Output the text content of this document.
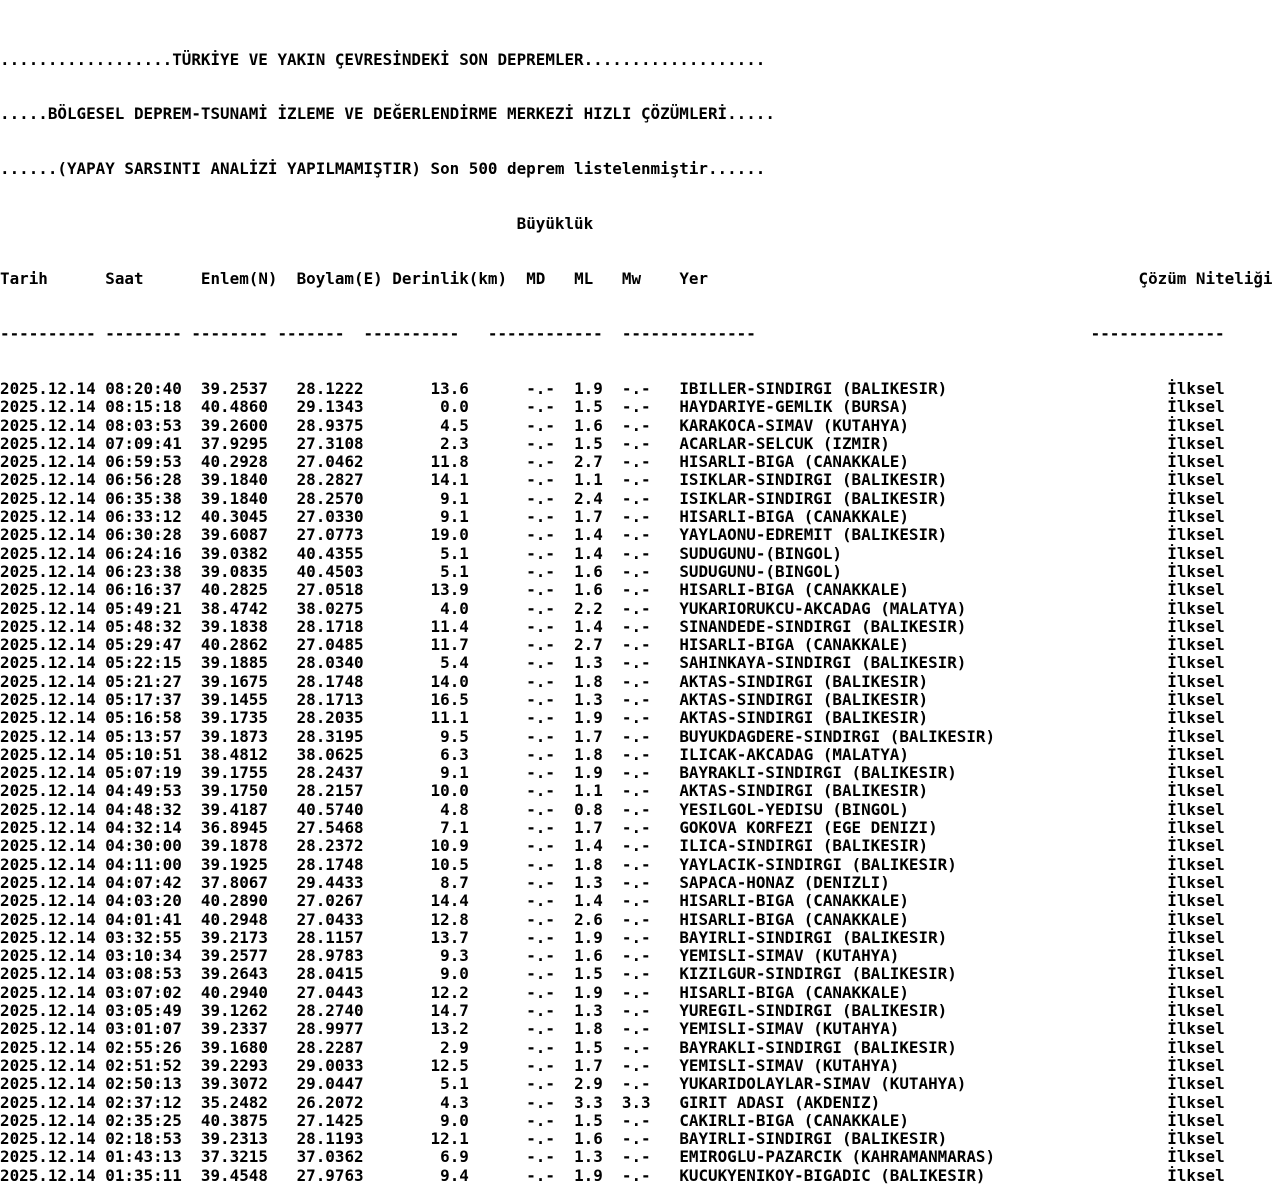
..................TÜRKİYE VE YAKIN ÇEVRESİNDEKİ SON DEPREMLER...................

.....BÖLGESEL DEPREM-TSUNAMİ İZLEME VE DEĞERLENDİRME MERKEZİ HIZLI ÇÖZÜMLERİ.....

......(YAPAY SARSINTI ANALİZİ YAPILMAMIŞTIR) Son 500 deprem listelenmiştir......

Büyüklük

Tarih      Saat      Enlem(N)  Boylam(E) Derinlik(km)  MD   ML   Mw    Yer                                             Çözüm Niteliği

---------- -------- -------- -------  ----------   ------------  --------------                                   --------------

2025.12.14 08:20:40  39.2537   28.1222       13.6      -.-  1.9  -.-   IBILLER-SINDIRGI (BALIKESIR)                       İlksel
2025.12.14 08:15:18  40.4860   29.1343        0.0      -.-  1.5  -.-   HAYDARIYE-GEMLIK (BURSA)                           İlksel
2025.12.14 08:03:53  39.2600   28.9375        4.5      -.-  1.6  -.-   KARAKOCA-SIMAV (KUTAHYA)                           İlksel
2025.12.14 07:09:41  37.9295   27.3108        2.3      -.-  1.5  -.-   ACARLAR-SELCUK (IZMIR)                             İlksel
2025.12.14 06:59:53  40.2928   27.0462       11.8      -.-  2.7  -.-   HISARLI-BIGA (CANAKKALE)                           İlksel
2025.12.14 06:56:28  39.1840   28.2827       14.1      -.-  1.1  -.-   ISIKLAR-SINDIRGI (BALIKESIR)                       İlksel
2025.12.14 06:35:38  39.1840   28.2570        9.1      -.-  2.4  -.-   ISIKLAR-SINDIRGI (BALIKESIR)                       İlksel
2025.12.14 06:33:12  40.3045   27.0330        9.1      -.-  1.7  -.-   HISARLI-BIGA (CANAKKALE)                           İlksel
2025.12.14 06:30:28  39.6087   27.0773       19.0      -.-  1.4  -.-   YAYLAONU-EDREMIT (BALIKESIR)                       İlksel
2025.12.14 06:24:16  39.0382   40.4355        5.1      -.-  1.4  -.-   SUDUGUNU-(BINGOL)                                  İlksel
2025.12.14 06:23:38  39.0835   40.4503        5.1      -.-  1.6  -.-   SUDUGUNU-(BINGOL)                                  İlksel
2025.12.14 06:16:37  40.2825   27.0518       13.9      -.-  1.6  -.-   HISARLI-BIGA (CANAKKALE)                           İlksel
2025.12.14 05:49:21  38.4742   38.0275        4.0      -.-  2.2  -.-   YUKARIORUKCU-AKCADAG (MALATYA)                     İlksel
2025.12.14 05:48:32  39.1838   28.1718       11.4      -.-  1.4  -.-   SINANDEDE-SINDIRGI (BALIKESIR)                     İlksel
2025.12.14 05:29:47  40.2862   27.0485       11.7      -.-  2.7  -.-   HISARLI-BIGA (CANAKKALE)                           İlksel
2025.12.14 05:22:15  39.1885   28.0340        5.4      -.-  1.3  -.-   SAHINKAYA-SINDIRGI (BALIKESIR)                     İlksel
2025.12.14 05:21:27  39.1675   28.1748       14.0      -.-  1.8  -.-   AKTAS-SINDIRGI (BALIKESIR)                         İlksel
2025.12.14 05:17:37  39.1455   28.1713       16.5      -.-  1.3  -.-   AKTAS-SINDIRGI (BALIKESIR)                         İlksel
2025.12.14 05:16:58  39.1735   28.2035       11.1      -.-  1.9  -.-   AKTAS-SINDIRGI (BALIKESIR)                         İlksel
2025.12.14 05:13:57  39.1873   28.3195        9.5      -.-  1.7  -.-   BUYUKDAGDERE-SINDIRGI (BALIKESIR)                  İlksel
2025.12.14 05:10:51  38.4812   38.0625        6.3      -.-  1.8  -.-   ILICAK-AKCADAG (MALATYA)                           İlksel
2025.12.14 05:07:19  39.1755   28.2437        9.1      -.-  1.9  -.-   BAYRAKLI-SINDIRGI (BALIKESIR)                      İlksel
2025.12.14 04:49:53  39.1750   28.2157       10.0      -.-  1.1  -.-   AKTAS-SINDIRGI (BALIKESIR)                         İlksel
2025.12.14 04:48:32  39.4187   40.5740        4.8      -.-  0.8  -.-   YESILGOL-YEDISU (BINGOL)                           İlksel
2025.12.14 04:32:14  36.8945   27.5468        7.1      -.-  1.7  -.-   GOKOVA KORFEZI (EGE DENIZI)                        İlksel
2025.12.14 04:30:00  39.1878   28.2372       10.9      -.-  1.4  -.-   ILICA-SINDIRGI (BALIKESIR)                         İlksel
2025.12.14 04:11:00  39.1925   28.1748       10.5      -.-  1.8  -.-   YAYLACIK-SINDIRGI (BALIKESIR)                      İlksel
2025.12.14 04:07:42  37.8067   29.4433        8.7      -.-  1.3  -.-   SAPACA-HONAZ (DENIZLI)                             İlksel
2025.12.14 04:03:20  40.2890   27.0267       14.4      -.-  1.4  -.-   HISARLI-BIGA (CANAKKALE)                           İlksel
2025.12.14 04:01:41  40.2948   27.0433       12.8      -.-  2.6  -.-   HISARLI-BIGA (CANAKKALE)                           İlksel
2025.12.14 03:32:55  39.2173   28.1157       13.7      -.-  1.9  -.-   BAYIRLI-SINDIRGI (BALIKESIR)                       İlksel
2025.12.14 03:10:34  39.2577   28.9783        9.3      -.-  1.6  -.-   YEMISLI-SIMAV (KUTAHYA)                            İlksel
2025.12.14 03:08:53  39.2643   28.0415        9.0      -.-  1.5  -.-   KIZILGUR-SINDIRGI (BALIKESIR)                      İlksel
2025.12.14 03:07:02  40.2940   27.0443       12.2      -.-  1.9  -.-   HISARLI-BIGA (CANAKKALE)                           İlksel
2025.12.14 03:05:49  39.1262   28.2740       14.7      -.-  1.3  -.-   YUREGIL-SINDIRGI (BALIKESIR)                       İlksel
2025.12.14 03:01:07  39.2337   28.9977       13.2      -.-  1.8  -.-   YEMISLI-SIMAV (KUTAHYA)                            İlksel
2025.12.14 02:55:26  39.1680   28.2287        2.9      -.-  1.5  -.-   BAYRAKLI-SINDIRGI (BALIKESIR)                      İlksel
2025.12.14 02:51:52  39.2293   29.0033       12.5      -.-  1.7  -.-   YEMISLI-SIMAV (KUTAHYA)                            İlksel
2025.12.14 02:50:13  39.3072   29.0447        5.1      -.-  2.9  -.-   YUKARIDOLAYLAR-SIMAV (KUTAHYA)                     İlksel
2025.12.14 02:37:12  35.2482   26.2072        4.3      -.-  3.3  3.3   GIRIT ADASI (AKDENIZ)                              İlksel
2025.12.14 02:35:25  40.3875   27.1425        9.0      -.-  1.5  -.-   CAKIRLI-BIGA (CANAKKALE)                           İlksel
2025.12.14 02:18:53  39.2313   28.1193       12.1      -.-  1.6  -.-   BAYIRLI-SINDIRGI (BALIKESIR)                       İlksel
2025.12.14 01:43:13  37.3215   37.0362        6.9      -.-  1.3  -.-   EMIROGLU-PAZARCIK (KAHRAMANMARAS)                  İlksel
2025.12.14 01:35:11  39.4548   27.9763        9.4      -.-  1.9  -.-   KUCUKYENIKOY-BIGADIC (BALIKESIR)                   İlksel
